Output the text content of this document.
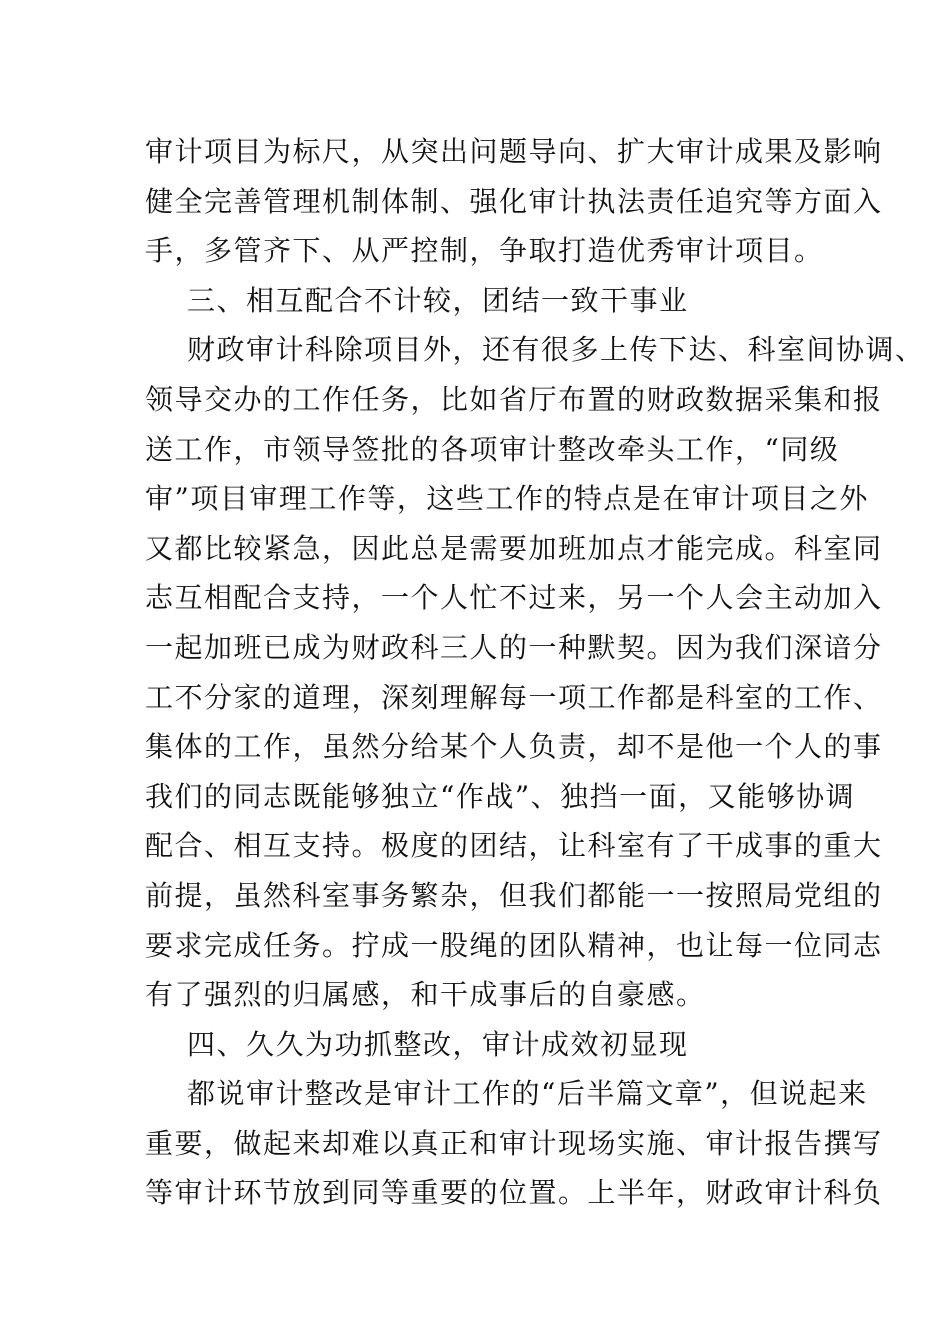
审计项目为标尺，从突出问题导向、扩大审计成果及影响
健全完善管理机制体制、强化审计执法责任追究等方面入
手，多管齐下、从严控制，争取打造优秀审计项目。
三、相互配合不计较，团结一致干事业
财政审计科除项目外，还有很多上传下达、科室间协调、
领导交办的工作任务，比如省厅布置的财政数据采集和报
送工作，市领导签批的各项审计整改牵头工作，“同级
审”项目审理工作等，这些工作的特点是在审计项目之外
又都比较紧急，因此总是需要加班加点才能完成。科室同
志互相配合支持，一个人忙不过来，另一个人会主动加入
一起加班已成为财政科三人的一种默契。因为我们深谙分
工不分家的道理，深刻理解每一项工作都是科室的工作、
集体的工作，虽然分给某个人负责，却不是他一个人的事
我们的同志既能够独立“作战”、独挡一面，又能够协调
配合、相互支持。极度的团结，让科室有了干成事的重大
前提，虽然科室事务繁杂，但我们都能一一按照局党组的
要求完成任务。拧成一股绳的团队精神，也让每一位同志
有了强烈的归属感，和干成事后的自豪感。
四、久久为功抓整改，审计成效初显现
都说审计整改是审计工作的“后半篇文章”，但说起来
重要，做起来却难以真正和审计现场实施、审计报告撰写
等审计环节放到同等重要的位置。上半年，财政审计科负
